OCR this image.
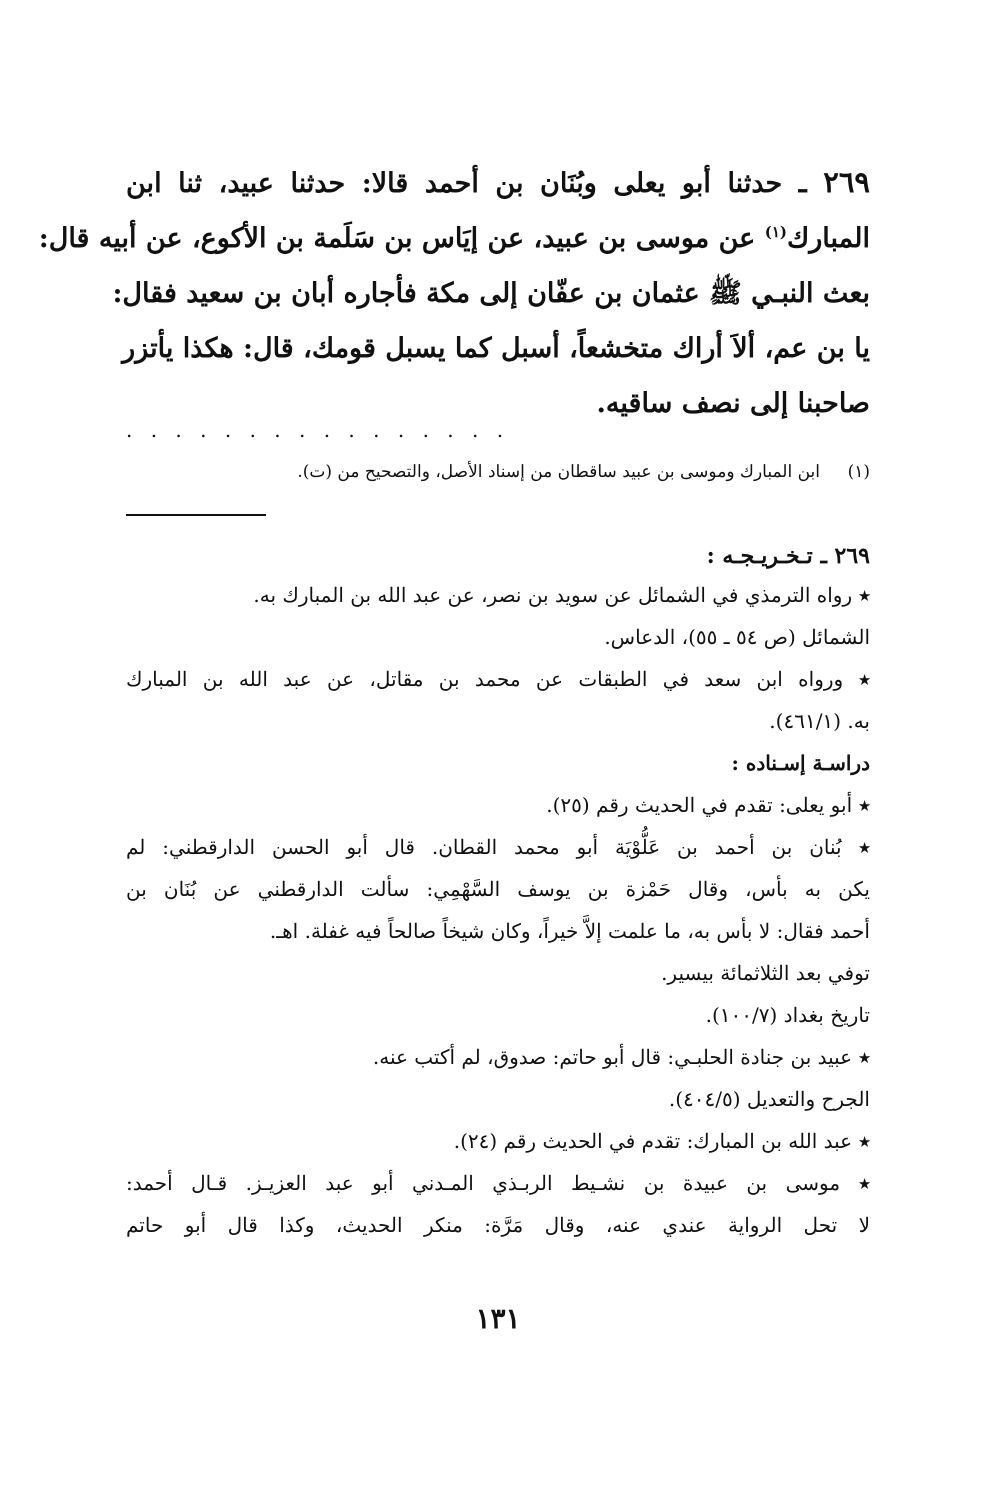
٢٦٩ ـ حدثنا أبو يعلى وبُنَان بن أحمد قالا: حدثنا عبيد، ثنا ابن
المبارك$^{(١)}$ عن موسى بن عبيد، عن إيَاس بن سَلَمة بن الأكوع، عن أبيه قال:
بعث النبـي ﷺ عثمان بن عفّان إلى مكة فأجاره أبان بن سعيد فقال:
يا بن عم، ألاَ أراك متخشعاً، أسبل كما يسبل قومك، قال: هكذا يأتزر
صاحبنا إلى نصف ساقيه.
. . . . . . . . . . . . . . . .
(١)ابن المبارك وموسى بن عبيد ساقطان من إسناد الأصل، والتصحيح من (ت).
٢٦٩ ـ تـخـريـجـه :
٭ رواه الترمذي في الشمائل عن سويد بن نصر، عن عبد الله بن المبارك به.
الشمائل (ص ٥٤ ـ ٥٥)، الدعاس.
٭ ورواه ابن سعد في الطبقات عن محمد بن مقاتل، عن عبد الله بن المبارك
به. (٤٦١/١).
دراسـة إسـناده :
٭ أبو يعلى: تقدم في الحديث رقم (٢٥).
٭ بُنان بن أحمد بن عَلُّوْيَة أبو محمد القطان. قال أبو الحسن الدارقطني: لم
يكن به بأس، وقال حَمْزة بن يوسف السَّهْمِي: سألت الدارقطني عن بُنَان بن
أحمد فقال: لا بأس به، ما علمت إلاَّ خيراً، وكان شيخاً صالحاً فيه غفلة. اهـ.
توفي بعد الثلاثمائة بيسير.
تاريخ بغداد (١٠٠/٧).
٭ عبيد بن جنادة الحلبـي: قال أبو حاتم: صدوق، لم أكتب عنه.
الجرح والتعديل (٤٠٤/٥).
٭ عبد الله بن المبارك: تقدم في الحديث رقم (٢٤).
٭ موسى بن عبيدة بن نشـيط الربـذي المـدني أبو عبد العزيـز. قـال أحمد:
لا تحل الرواية عندي عنه، وقال مَرَّة: منكر الحديث، وكذا قال أبو حاتم
١٣١
